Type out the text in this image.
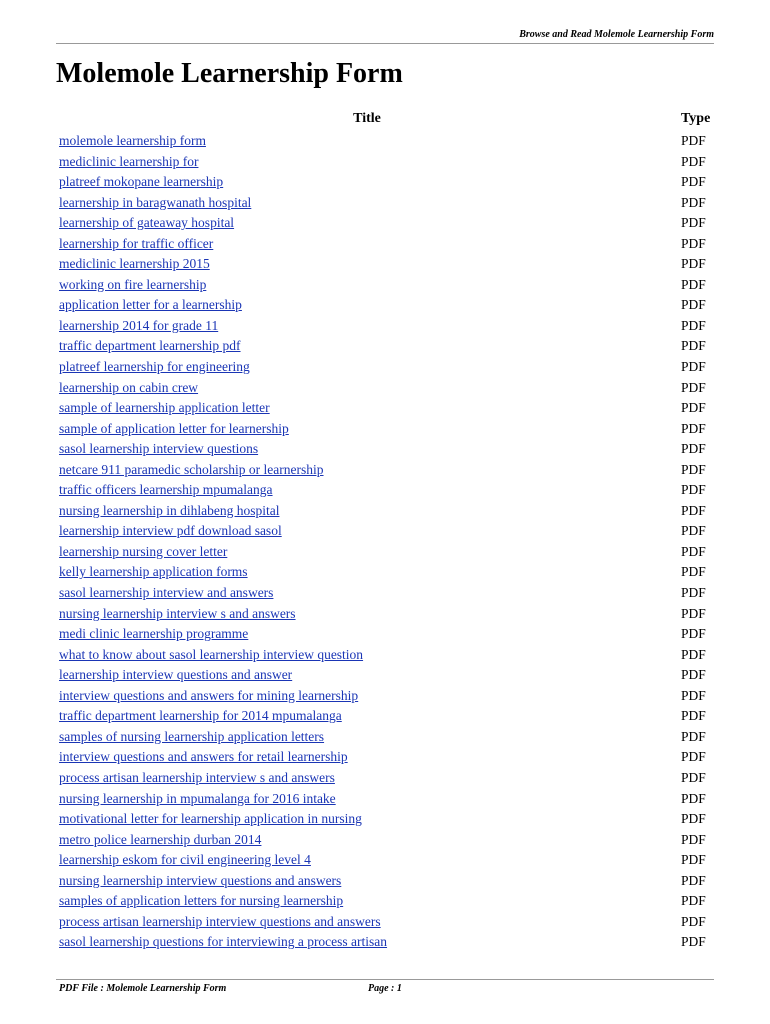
Browse and Read Molemole Learnership Form
Molemole Learnership Form
Title	Type
molemole learnership form	PDF
mediclinic learnership for	PDF
platreef mokopane learnership	PDF
learnership in baragwanath hospital	PDF
learnership of gateaway hospital	PDF
learnership for traffic officer	PDF
mediclinic learnership 2015	PDF
working on fire learnership	PDF
application letter for a learnership	PDF
learnership 2014 for grade 11	PDF
traffic department learnership pdf	PDF
platreef learnership for engineering	PDF
learnership on cabin crew	PDF
sample of learnership application letter	PDF
sample of application letter for learnership	PDF
sasol learnership interview questions	PDF
netcare 911 paramedic scholarship or learnership	PDF
traffic officers learnership mpumalanga	PDF
nursing learnership in dihlabeng hospital	PDF
learnership interview pdf download sasol	PDF
learnership nursing cover letter	PDF
kelly learnership application forms	PDF
sasol learnership interview and answers	PDF
nursing learnership interview s and answers	PDF
medi clinic learnership programme	PDF
what to know about sasol learnership interview question	PDF
learnership interview questions and answer	PDF
interview questions and answers for mining learnership	PDF
traffic department learnership for 2014 mpumalanga	PDF
samples of nursing learnership application letters	PDF
interview questions and answers for retail learnership	PDF
process artisan learnership interview s and answers	PDF
nursing learnership in mpumalanga for 2016 intake	PDF
motivational letter for learnership application in nursing	PDF
metro police learnership durban 2014	PDF
learnership eskom for civil engineering level 4	PDF
nursing learnership interview questions and answers	PDF
samples of application letters for nursing learnership	PDF
process artisan learnership interview questions and answers	PDF
sasol learnership questions for interviewing a process artisan	PDF
PDF File : Molemole Learnership Form	Page : 1
